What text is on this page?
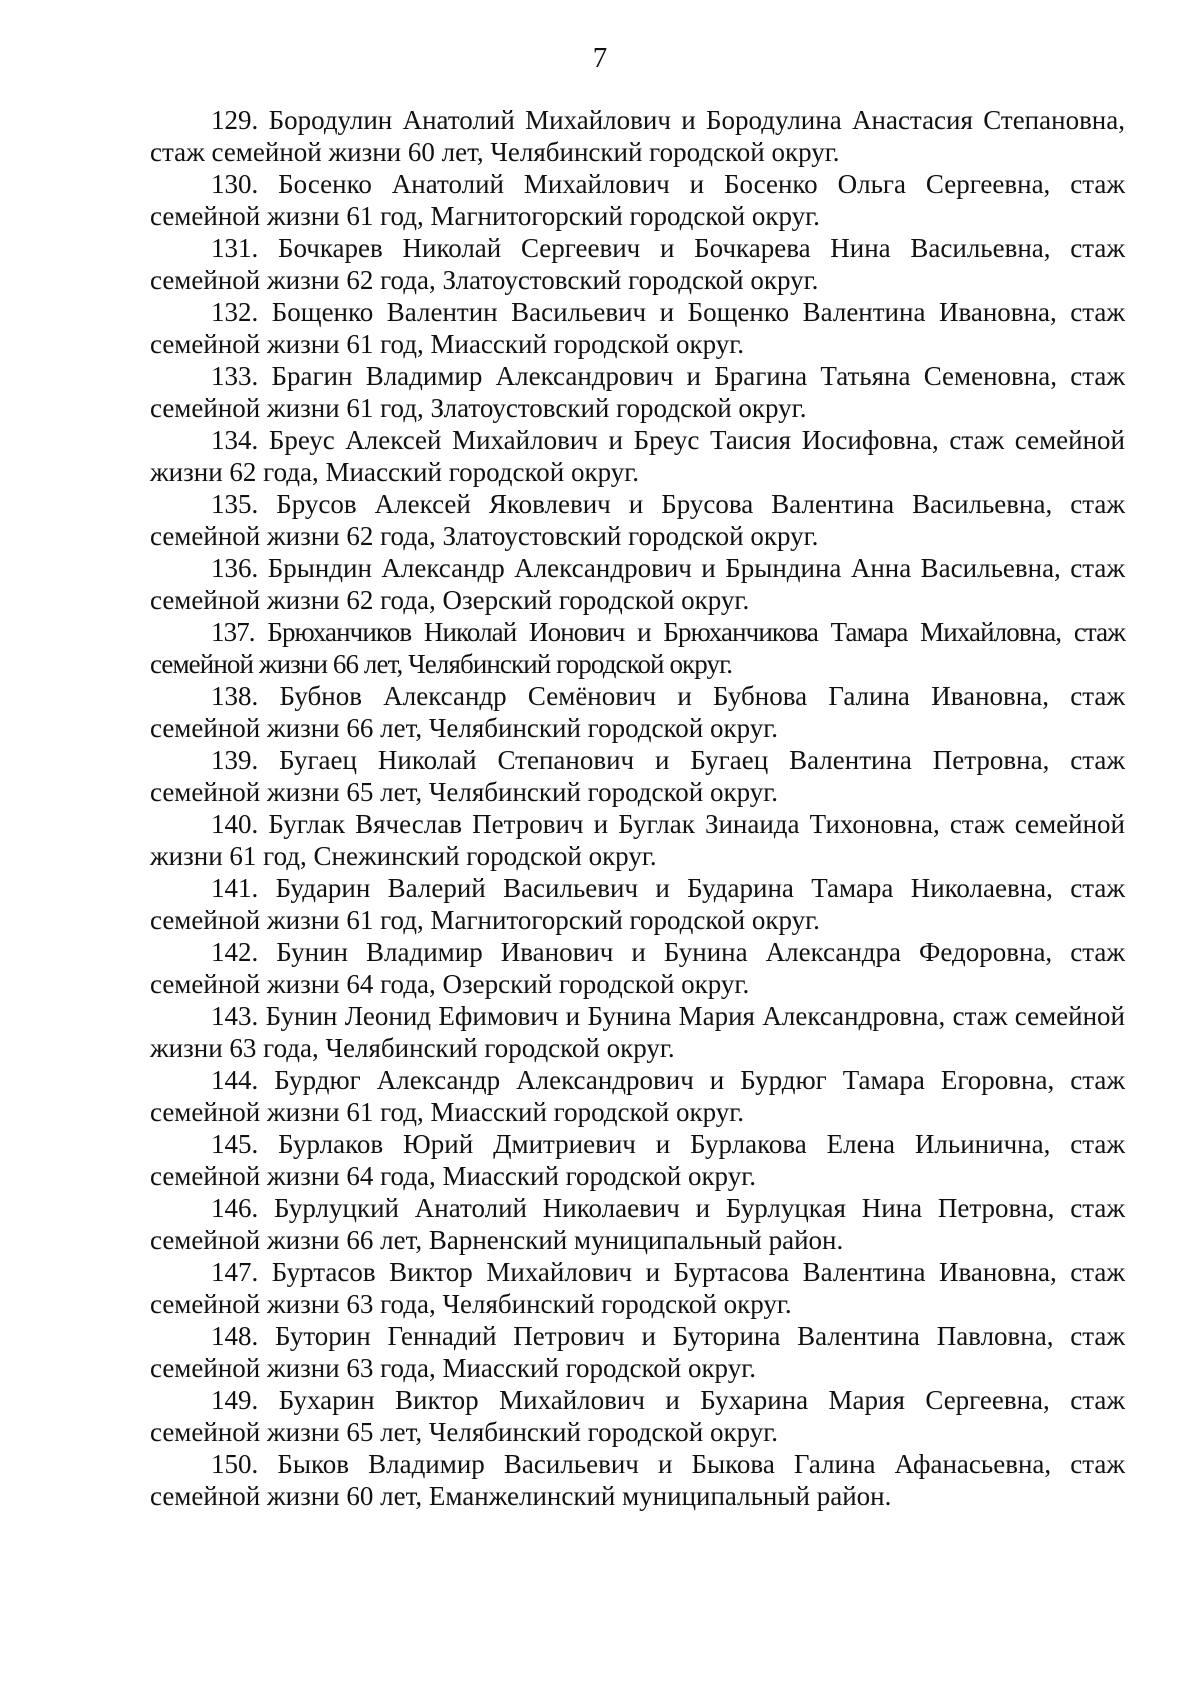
7

129. Бородулин Анатолий Михайлович и Бородулина Анастасия Степановна, стаж семейной жизни 60 лет, Челябинский городской округ.

130. Босенко Анатолий Михайлович и Босенко Ольга Сергеевна, стаж семейной жизни 61 год, Магнитогорский городской округ.

131. Бочкарев Николай Сергеевич и Бочкарева Нина Васильевна, стаж семейной жизни 62 года, Златоустовский городской округ.

132. Бощенко Валентин Васильевич и Бощенко Валентина Ивановна, стаж семейной жизни 61 год, Миасский городской округ.

133. Брагин Владимир Александрович и Брагина Татьяна Семеновна, стаж семейной жизни 61 год, Златоустовский городской округ.

134. Бреус Алексей Михайлович и Бреус Таисия Иосифовна, стаж семейной жизни 62 года, Миасский городской округ.

135. Брусов Алексей Яковлевич и Брусова Валентина Васильевна, стаж семейной жизни 62 года, Златоустовский городской округ.

136. Брындин Александр Александрович и Брындина Анна Васильевна, стаж семейной жизни 62 года, Озерский городской округ.

137. Брюханчиков Николай Ионович и Брюханчикова Тамара Михайловна, стаж семейной жизни 66 лет, Челябинский городской округ.

138. Бубнов Александр Семёнович и Бубнова Галина Ивановна, стаж семейной жизни 66 лет, Челябинский городской округ.

139. Бугаец Николай Степанович и Бугаец Валентина Петровна, стаж семейной жизни 65 лет, Челябинский городской округ.

140. Буглак Вячеслав Петрович и Буглак Зинаида Тихоновна, стаж семейной жизни 61 год, Снежинский городской округ.

141. Бударин Валерий Васильевич и Бударина Тамара Николаевна, стаж семейной жизни 61 год, Магнитогорский городской округ.

142. Бунин Владимир Иванович и Бунина Александра Федоровна, стаж семейной жизни 64 года, Озерский городской округ.

143. Бунин Леонид Ефимович и Бунина Мария Александровна, стаж семейной жизни 63 года, Челябинский городской округ.

144. Бурдюг Александр Александрович и Бурдюг Тамара Егоровна, стаж семейной жизни 61 год, Миасский городской округ.

145. Бурлаков Юрий Дмитриевич и Бурлакова Елена Ильинична, стаж семейной жизни 64 года, Миасский городской округ.

146. Бурлуцкий Анатолий Николаевич и Бурлуцкая Нина Петровна, стаж семейной жизни 66 лет, Варненский муниципальный район.

147. Буртасов Виктор Михайлович и Буртасова Валентина Ивановна, стаж семейной жизни 63 года, Челябинский городской округ.

148. Буторин Геннадий Петрович и Буторина Валентина Павловна, стаж семейной жизни 63 года, Миасский городской округ.

149. Бухарин Виктор Михайлович и Бухарина Мария Сергеевна, стаж семейной жизни 65 лет, Челябинский городской округ.

150. Быков Владимир Васильевич и Быкова Галина Афанасьевна, стаж семейной жизни 60 лет, Еманжелинский муниципальный район.
